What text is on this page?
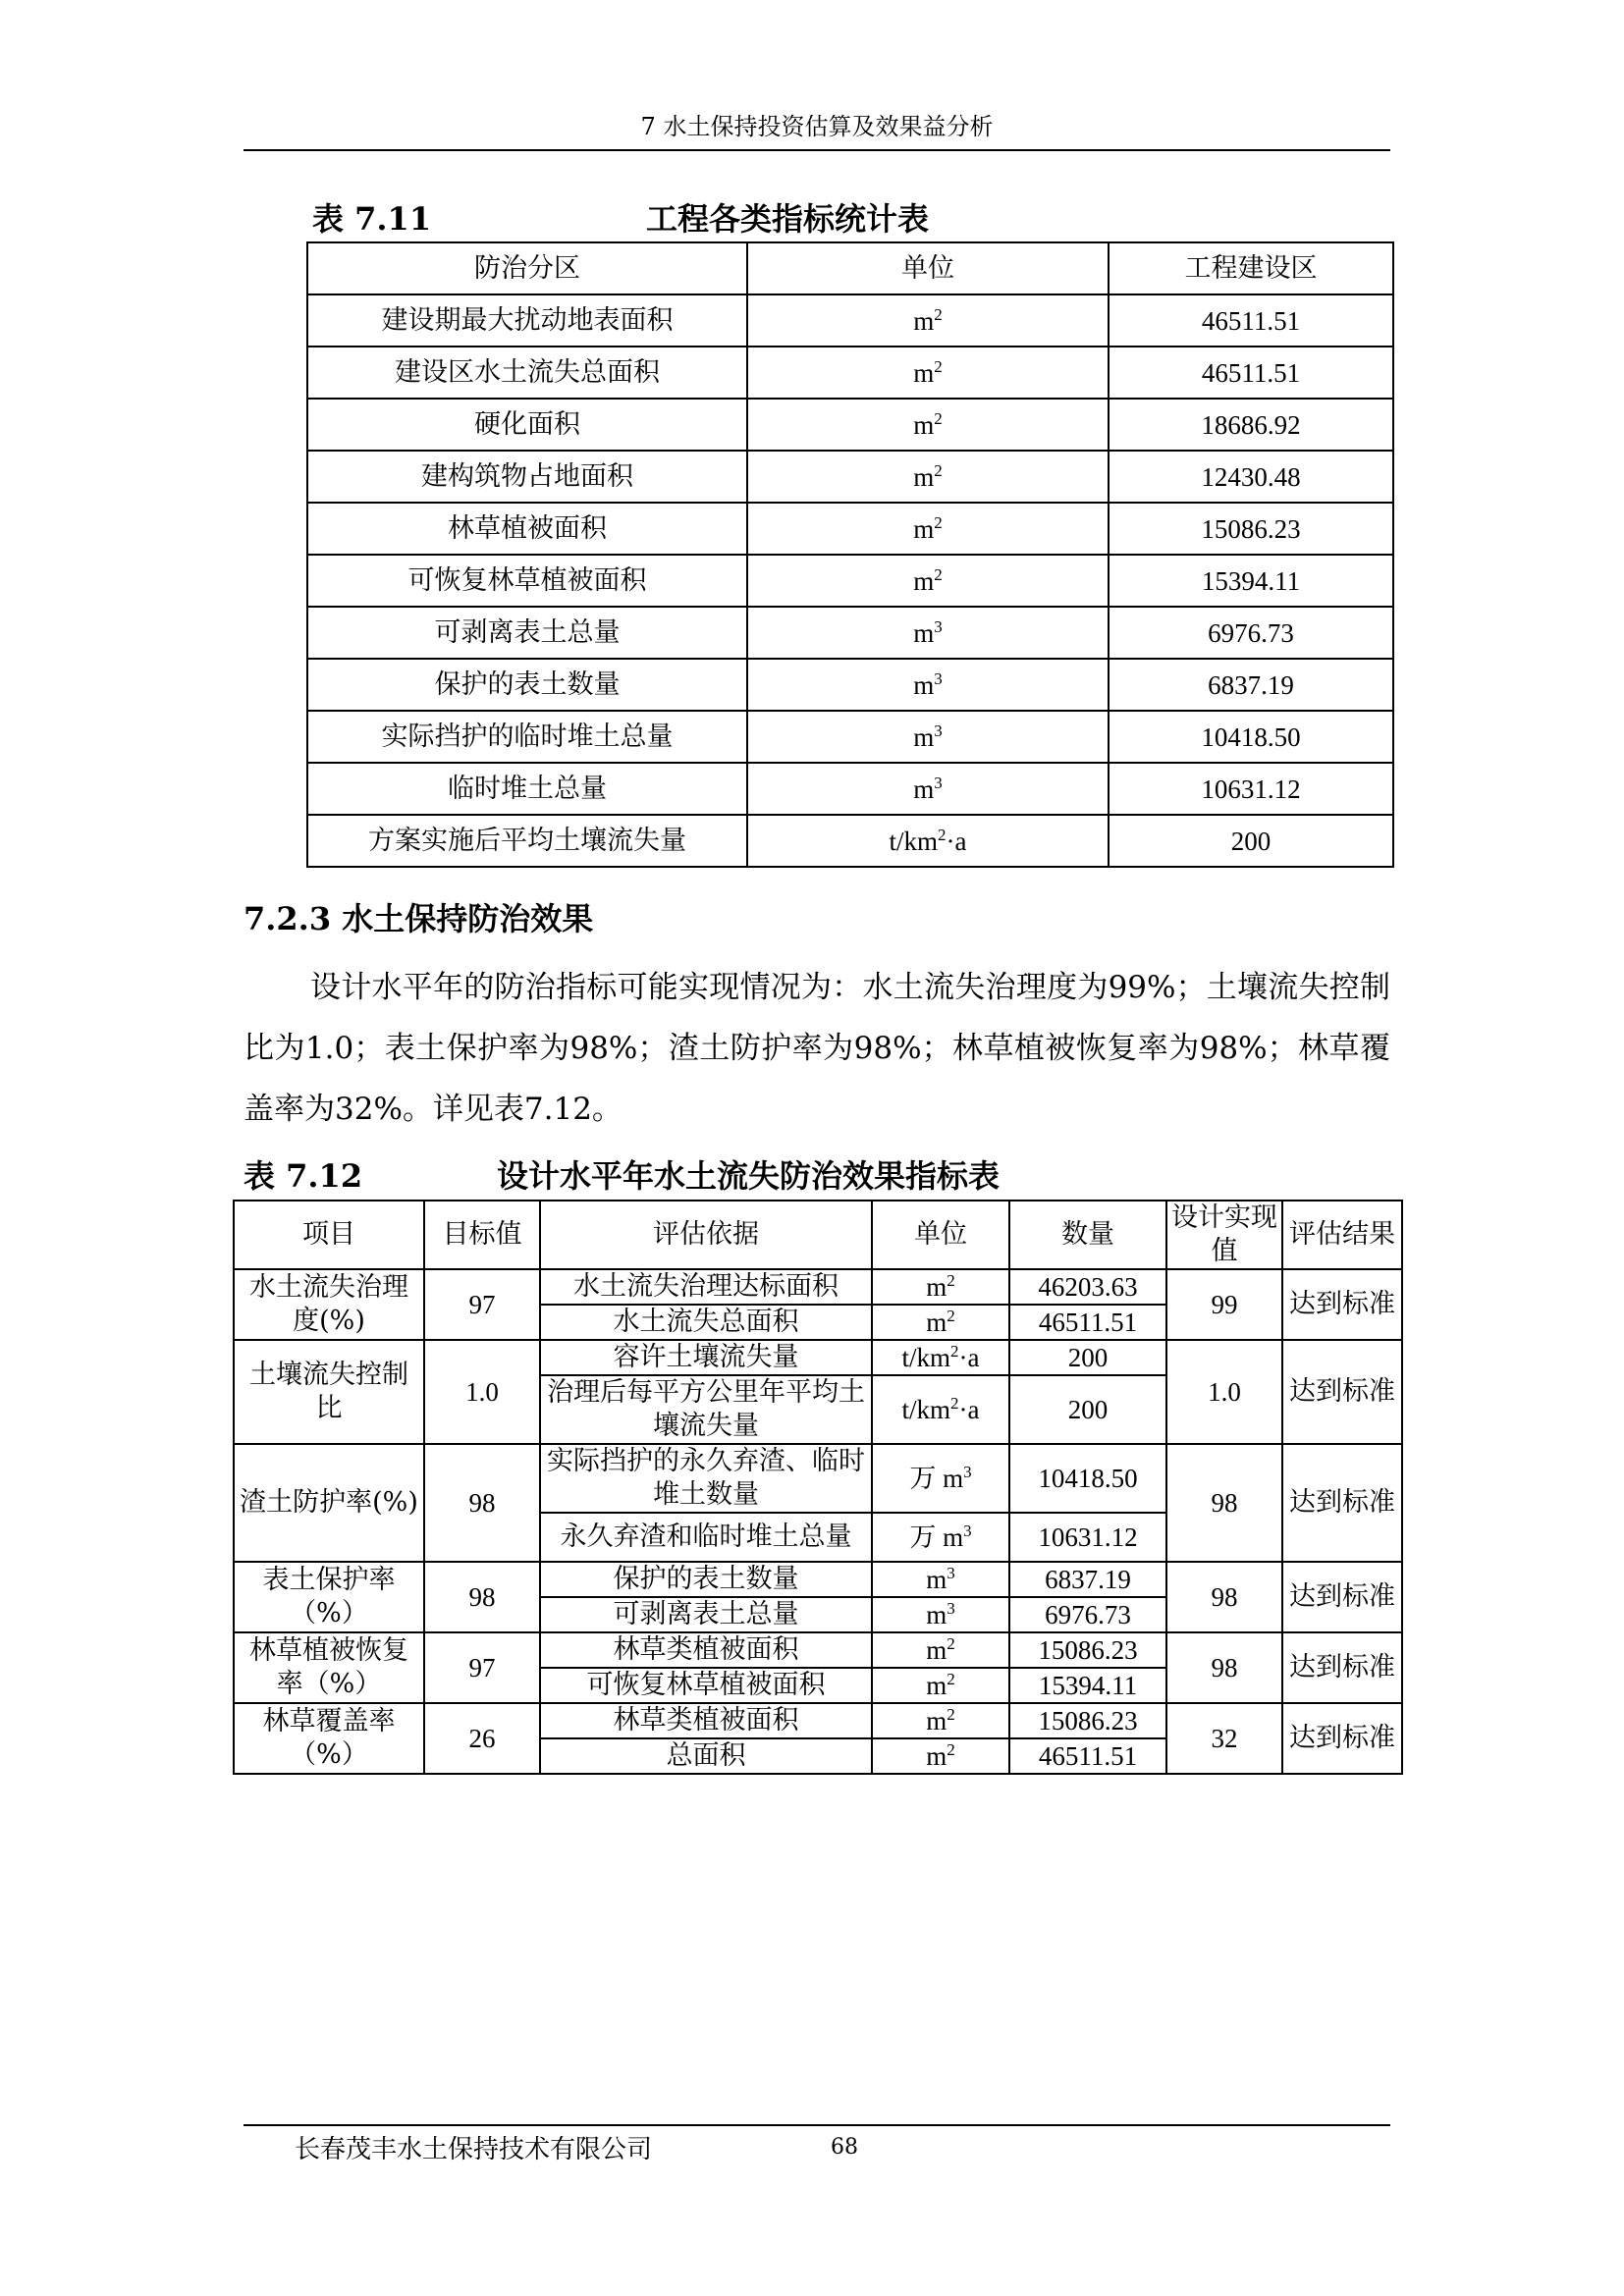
7 水土保持投资估算及效果益分析
表 7.11	工程各类指标统计表
防治分区	单位	工程建设区
建设期最大扰动地表面积	$m^2$	46511.51
建设区水土流失总面积	$m^2$	46511.51
硬化面积	$m^2$	18686.92
建构筑物占地面积	$m^2$	12430.48
林草植被面积	$m^2$	15086.23
可恢复林草植被面积	$m^2$	15394.11
可剥离表土总量	$m^3$	6976.73
保护的表土数量	$m^3$	6837.19
实际挡护的临时堆土总量	$m^3$	10418.50
临时堆土总量	$m^3$	10631.12
方案实施后平均土壤流失量	$t/km^2\cdot a$	200
7.2.3 水土保持防治效果
设计水平年的防治指标可能实现情况为：水土流失治理度为99%；土壤流失控制比为1.0；表土保护率为98%；渣土防护率为98%；林草植被恢复率为98%；林草覆盖率为32%。详见表7.12。
表 7.12	设计水平年水土流失防治效果指标表
项目	目标值	评估依据	单位	数量	设计实现值	评估结果
水土流失治理度(%)	97	水土流失治理达标面积	$m^2$	46203.63	99	达到标准
		水土流失总面积	$m^2$	46511.51		
土壤流失控制比	1.0	容许土壤流失量	$t/km^2\cdot a$	200	1.0	达到标准
		治理后每平方公里年平均土壤流失量	$t/km^2\cdot a$	200		
渣土防护率(%)	98	实际挡护的永久弃渣、临时堆土数量	万 $m^3$	10418.50	98	达到标准
		永久弃渣和临时堆土总量	万 $m^3$	10631.12		
表土保护率（%）	98	保护的表土数量	$m^3$	6837.19	98	达到标准
		可剥离表土总量	$m^3$	6976.73		
林草植被恢复率（%）	97	林草类植被面积	$m^2$	15086.23	98	达到标准
		可恢复林草植被面积	$m^2$	15394.11		
林草覆盖率（%）	26	林草类植被面积	$m^2$	15086.23	32	达到标准
		总面积	$m^2$	46511.51		
长春茂丰水土保持技术有限公司	68
